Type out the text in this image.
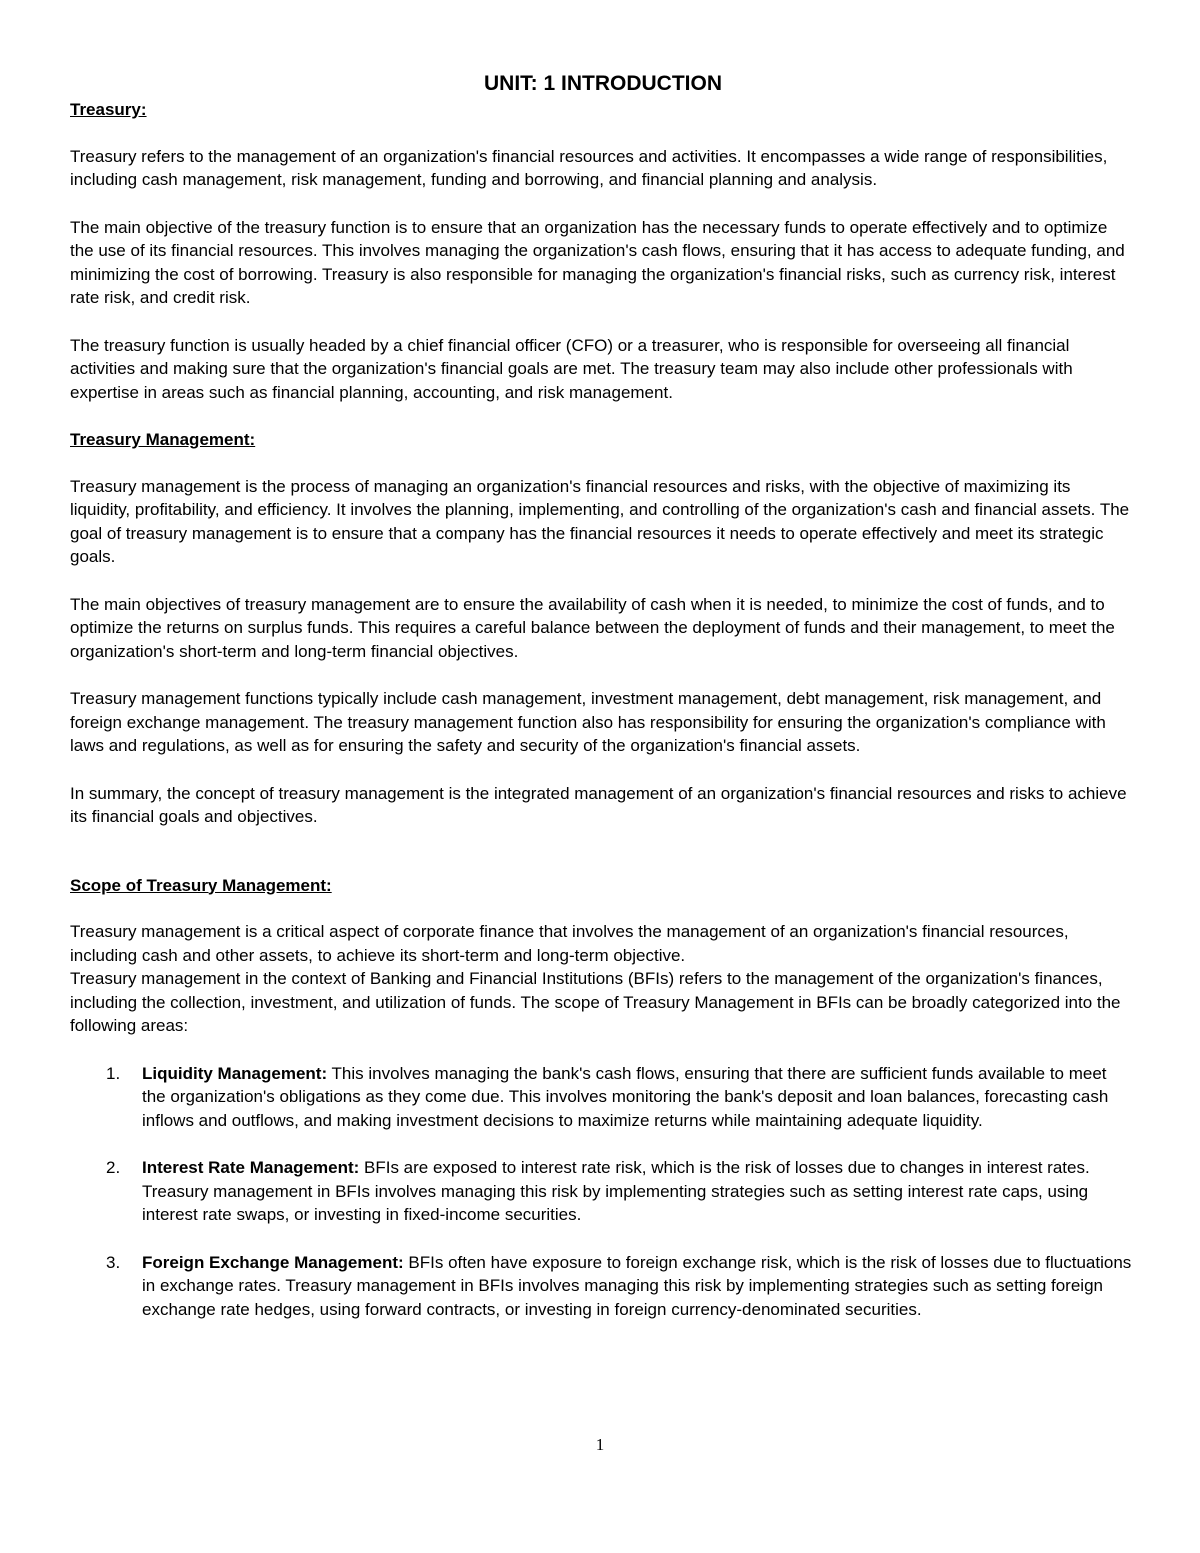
UNIT: 1 INTRODUCTION
Treasury:

Treasury refers to the management of an organization's financial resources and activities. It encompasses a wide range of responsibilities, including cash management, risk management, funding and borrowing, and financial planning and analysis.

The main objective of the treasury function is to ensure that an organization has the necessary funds to operate effectively and to optimize the use of its financial resources. This involves managing the organization's cash flows, ensuring that it has access to adequate funding, and minimizing the cost of borrowing. Treasury is also responsible for managing the organization's financial risks, such as currency risk, interest rate risk, and credit risk.

The treasury function is usually headed by a chief financial officer (CFO) or a treasurer, who is responsible for overseeing all financial activities and making sure that the organization's financial goals are met. The treasury team may also include other professionals with expertise in areas such as financial planning, accounting, and risk management.

Treasury Management:

Treasury management is the process of managing an organization's financial resources and risks, with the objective of maximizing its liquidity, profitability, and efficiency. It involves the planning, implementing, and controlling of the organization's cash and financial assets. The goal of treasury management is to ensure that a company has the financial resources it needs to operate effectively and meet its strategic goals.

The main objectives of treasury management are to ensure the availability of cash when it is needed, to minimize the cost of funds, and to optimize the returns on surplus funds. This requires a careful balance between the deployment of funds and their management, to meet the organization's short-term and long-term financial objectives.

Treasury management functions typically include cash management, investment management, debt management, risk management, and foreign exchange management. The treasury management function also has responsibility for ensuring the organization's compliance with laws and regulations, as well as for ensuring the safety and security of the organization's financial assets.

In summary, the concept of treasury management is the integrated management of an organization's financial resources and risks to achieve its financial goals and objectives.

Scope of Treasury Management:

Treasury management is a critical aspect of corporate finance that involves the management of an organization's financial resources, including cash and other assets, to achieve its short-term and long-term objective.

Treasury management in the context of Banking and Financial Institutions (BFIs) refers to the management of the organization's finances, including the collection, investment, and utilization of funds. The scope of Treasury Management in BFIs can be broadly categorized into the following areas:

1. Liquidity Management: This involves managing the bank's cash flows, ensuring that there are sufficient funds available to meet the organization's obligations as they come due. This involves monitoring the bank's deposit and loan balances, forecasting cash inflows and outflows, and making investment decisions to maximize returns while maintaining adequate liquidity.
2. Interest Rate Management: BFIs are exposed to interest rate risk, which is the risk of losses due to changes in interest rates. Treasury management in BFIs involves managing this risk by implementing strategies such as setting interest rate caps, using interest rate swaps, or investing in fixed-income securities.
3. Foreign Exchange Management: BFIs often have exposure to foreign exchange risk, which is the risk of losses due to fluctuations in exchange rates. Treasury management in BFIs involves managing this risk by implementing strategies such as setting foreign exchange rate hedges, using forward contracts, or investing in foreign currency-denominated securities.
1
